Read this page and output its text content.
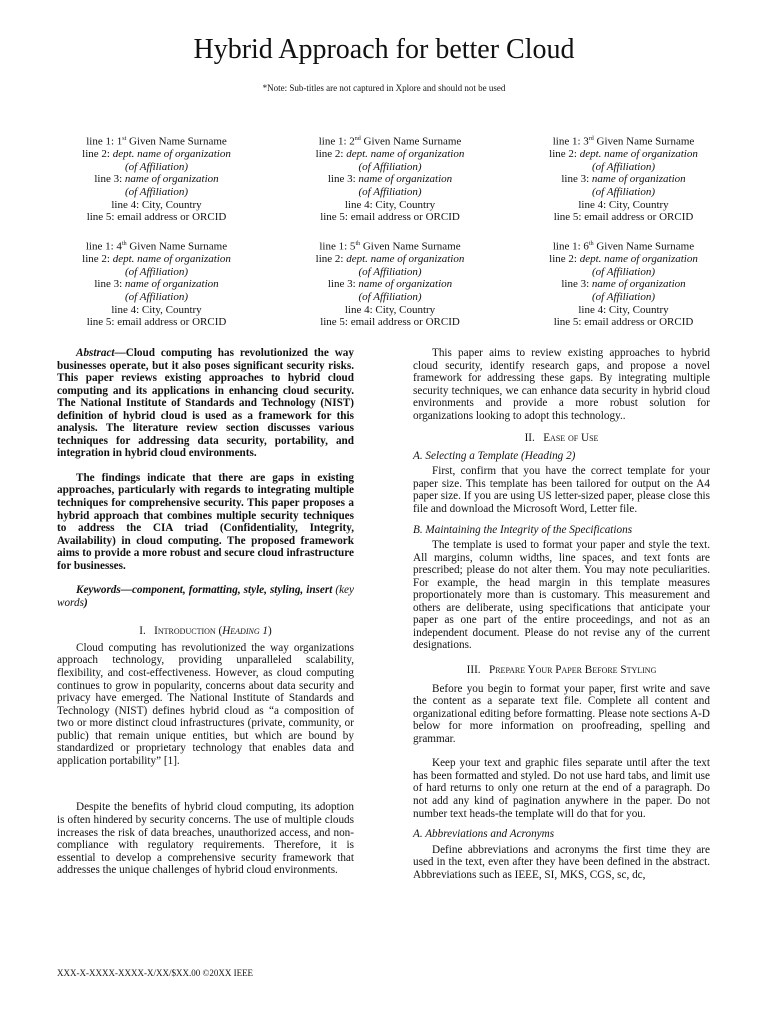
Hybrid Approach for better Cloud
*Note: Sub-titles are not captured in Xplore and should not be used
line 1: 1st Given Name Surname
line 2: dept. name of organization
(of Affiliation)
line 3: name of organization
(of Affiliation)
line 4: City, Country
line 5: email address or ORCID
line 1: 2nd Given Name Surname
line 2: dept. name of organization
(of Affiliation)
line 3: name of organization
(of Affiliation)
line 4: City, Country
line 5: email address or ORCID
line 1: 3rd Given Name Surname
line 2: dept. name of organization
(of Affiliation)
line 3: name of organization
(of Affiliation)
line 4: City, Country
line 5: email address or ORCID
line 1: 4th Given Name Surname
line 2: dept. name of organization
(of Affiliation)
line 3: name of organization
(of Affiliation)
line 4: City, Country
line 5: email address or ORCID
line 1: 5th Given Name Surname
line 2: dept. name of organization
(of Affiliation)
line 3: name of organization
(of Affiliation)
line 4: City, Country
line 5: email address or ORCID
line 1: 6th Given Name Surname
line 2: dept. name of organization
(of Affiliation)
line 3: name of organization
(of Affiliation)
line 4: City, Country
line 5: email address or ORCID

Abstract—Cloud computing has revolutionized the way businesses operate, but it also poses significant security risks. This paper reviews existing approaches to hybrid cloud computing and its applications in enhancing cloud security. The National Institute of Standards and Technology (NIST) definition of hybrid cloud is used as a framework for this analysis. The literature review section discusses various techniques for addressing data security, portability, and integration in hybrid cloud environments.

The findings indicate that there are gaps in existing approaches, particularly with regards to integrating multiple techniques for comprehensive security. This paper proposes a hybrid approach that combines multiple security techniques to address the CIA triad (Confidentiality, Integrity, Availability) in cloud computing. The proposed framework aims to provide a more robust and secure cloud infrastructure for businesses.

Keywords—component, formatting, style, styling, insert (key words)

I. Introduction (Heading 1)

Cloud computing has revolutionized the way organizations approach technology, providing unparalleled scalability, flexibility, and cost-effectiveness. However, as cloud computing continues to grow in popularity, concerns about data security and privacy have emerged. The National Institute of Standards and Technology (NIST) defines hybrid cloud as “a composition of two or more distinct cloud infrastructures (private, community, or public) that remain unique entities, but which are bound by standardized or proprietary technology that enables data and application portability” [1].

Despite the benefits of hybrid cloud computing, its adoption is often hindered by security concerns. The use of multiple clouds increases the risk of data breaches, unauthorized access, and non-compliance with regulatory requirements. Therefore, it is essential to develop a comprehensive security framework that addresses the unique challenges of hybrid cloud environments.

This paper aims to review existing approaches to hybrid cloud security, identify research gaps, and propose a novel framework for addressing these gaps. By integrating multiple security techniques, we can enhance data security in hybrid cloud environments and provide a more robust solution for organizations looking to adopt this technology..

II. Ease of Use

A. Selecting a Template (Heading 2)

First, confirm that you have the correct template for your paper size. This template has been tailored for output on the A4 paper size. If you are using US letter-sized paper, please close this file and download the Microsoft Word, Letter file.

B. Maintaining the Integrity of the Specifications

The template is used to format your paper and style the text. All margins, column widths, line spaces, and text fonts are prescribed; please do not alter them. You may note peculiarities. For example, the head margin in this template measures proportionately more than is customary. This measurement and others are deliberate, using specifications that anticipate your paper as one part of the entire proceedings, and not as an independent document. Please do not revise any of the current designations.

III. Prepare Your Paper Before Styling

Before you begin to format your paper, first write and save the content as a separate text file. Complete all content and organizational editing before formatting. Please note sections A-D below for more information on proofreading, spelling and grammar.

Keep your text and graphic files separate until after the text has been formatted and styled. Do not use hard tabs, and limit use of hard returns to only one return at the end of a paragraph. Do not add any kind of pagination anywhere in the paper. Do not number text heads-the template will do that for you.

A. Abbreviations and Acronyms

Define abbreviations and acronyms the first time they are used in the text, even after they have been defined in the abstract. Abbreviations such as IEEE, SI, MKS, CGS, sc, dc,

XXX-X-XXXX-XXXX-X/XX/$XX.00 ©20XX IEEE
